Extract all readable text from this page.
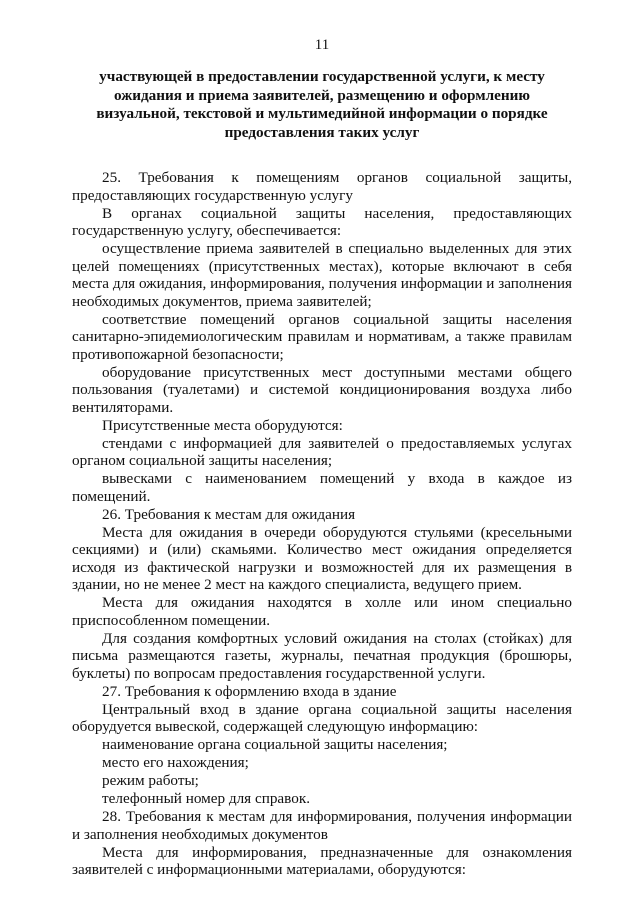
11
участвующей в предоставлении государственной услуги, к месту ожидания и приема заявителей, размещению и оформлению визуальной, текстовой и мультимедийной информации о порядке предоставления таких услуг

25. Требования к помещениям органов социальной защиты, предоставляющих государственную услугу

В органах социальной защиты населения, предоставляющих государственную услугу, обеспечивается:

осуществление приема заявителей в специально выделенных для этих целей помещениях (присутственных местах), которые включают в себя места для ожидания, информирования, получения информации и заполнения необходимых документов, приема заявителей;

соответствие помещений органов социальной защиты населения санитарно-эпидемиологическим правилам и нормативам, а также правилам противопожарной безопасности;

оборудование присутственных мест доступными местами общего пользования (туалетами) и системой кондиционирования воздуха либо вентиляторами.

Присутственные места оборудуются:

стендами с информацией для заявителей о предоставляемых услугах органом социальной защиты населения;

вывесками с наименованием помещений у входа в каждое из помещений.

26. Требования к местам для ожидания

Места для ожидания в очереди оборудуются стульями (кресельными секциями) и (или) скамьями. Количество мест ожидания определяется исходя из фактической нагрузки и возможностей для их размещения в здании, но не менее 2 мест на каждого специалиста, ведущего прием.

Места для ожидания находятся в холле или ином специально приспособленном помещении.

Для создания комфортных условий ожидания на столах (стойках) для письма размещаются газеты, журналы, печатная продукция (брошюры, буклеты) по вопросам предоставления государственной услуги.

27. Требования к оформлению входа в здание

Центральный вход в здание органа социальной защиты населения оборудуется вывеской, содержащей следующую информацию:

наименование органа социальной защиты населения;

место его нахождения;

режим работы;

телефонный номер для справок.

28. Требования к местам для информирования, получения информации и заполнения необходимых документов

Места для информирования, предназначенные для ознакомления заявителей с информационными материалами, оборудуются:
